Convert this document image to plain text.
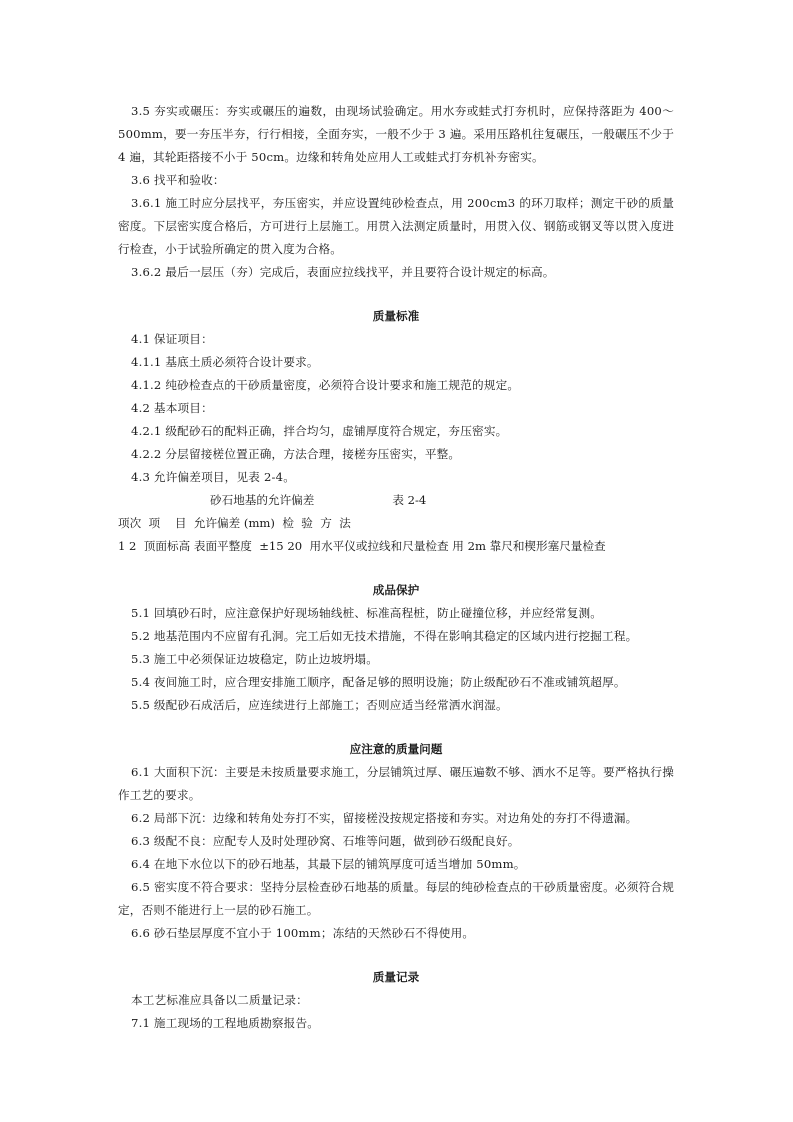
3.5 夯实或碾压：夯实或碾压的遍数，由现场试验确定。用水夯或蛙式打夯机时，应保持落距为 400～500mm，要一夯压半夯，行行相接，全面夯实，一般不少于 3 遍。采用压路机往复碾压，一般碾压不少于 4 遍，其轮距搭接不小于 50cm。边缘和转角处应用人工或蛙式打夯机补夯密实。

3.6 找平和验收：

3.6.1 施工时应分层找平，夯压密实，并应设置纯砂检查点，用 200cm3 的环刀取样；测定干砂的质量密度。下层密实度合格后，方可进行上层施工。用贯入法测定质量时，用贯入仪、钢筋或钢叉等以贯入度进行检查，小于试验所确定的贯入度为合格。

3.6.2 最后一层压（夯）完成后，表面应拉线找平，并且要符合设计规定的标高。

质量标准

4.1 保证项目：

4.1.1 基底土质必须符合设计要求。

4.1.2 纯砂检查点的干砂质量密度，必须符合设计要求和施工规范的规定。

4.2 基本项目：

4.2.1 级配砂石的配料正确，拌合均匀，虚铺厚度符合规定，夯压密实。

4.2.2 分层留接槎位置正确，方法合理，接槎夯压密实，平整。

4.3 允许偏差项目，见表 2-4。

砂石地基的允许偏差	表 2-4

项次  项    目  允许偏差 (mm)  检  验  方  法

1 2  顶面标高 表面平整度  ±15 20  用水平仪或拉线和尺量检查 用 2m 靠尺和楔形塞尺量检查

成品保护

5.1 回填砂石时，应注意保护好现场轴线桩、标准高程桩，防止碰撞位移，并应经常复测。

5.2 地基范围内不应留有孔洞。完工后如无技术措施，不得在影响其稳定的区域内进行挖掘工程。

5.3 施工中必须保证边坡稳定，防止边坡坍塌。

5.4 夜间施工时，应合理安排施工顺序，配备足够的照明设施；防止级配砂石不准或铺筑超厚。

5.5 级配砂石成活后，应连续进行上部施工；否则应适当经常洒水润湿。

应注意的质量问题

6.1 大面积下沉：主要是未按质量要求施工，分层铺筑过厚、碾压遍数不够、洒水不足等。要严格执行操作工艺的要求。

6.2 局部下沉：边缘和转角处夯打不实，留接槎没按规定搭接和夯实。对边角处的夯打不得遗漏。

6.3 级配不良：应配专人及时处理砂窝、石堆等问题，做到砂石级配良好。

6.4 在地下水位以下的砂石地基，其最下层的铺筑厚度可适当增加 50mm。

6.5 密实度不符合要求：坚持分层检查砂石地基的质量。每层的纯砂检查点的干砂质量密度。必须符合规定，否则不能进行上一层的砂石施工。

6.6 砂石垫层厚度不宜小于 100mm；冻结的天然砂石不得使用。

质量记录

本工艺标准应具备以二质量记录：

7.1 施工现场的工程地质勘察报告。
